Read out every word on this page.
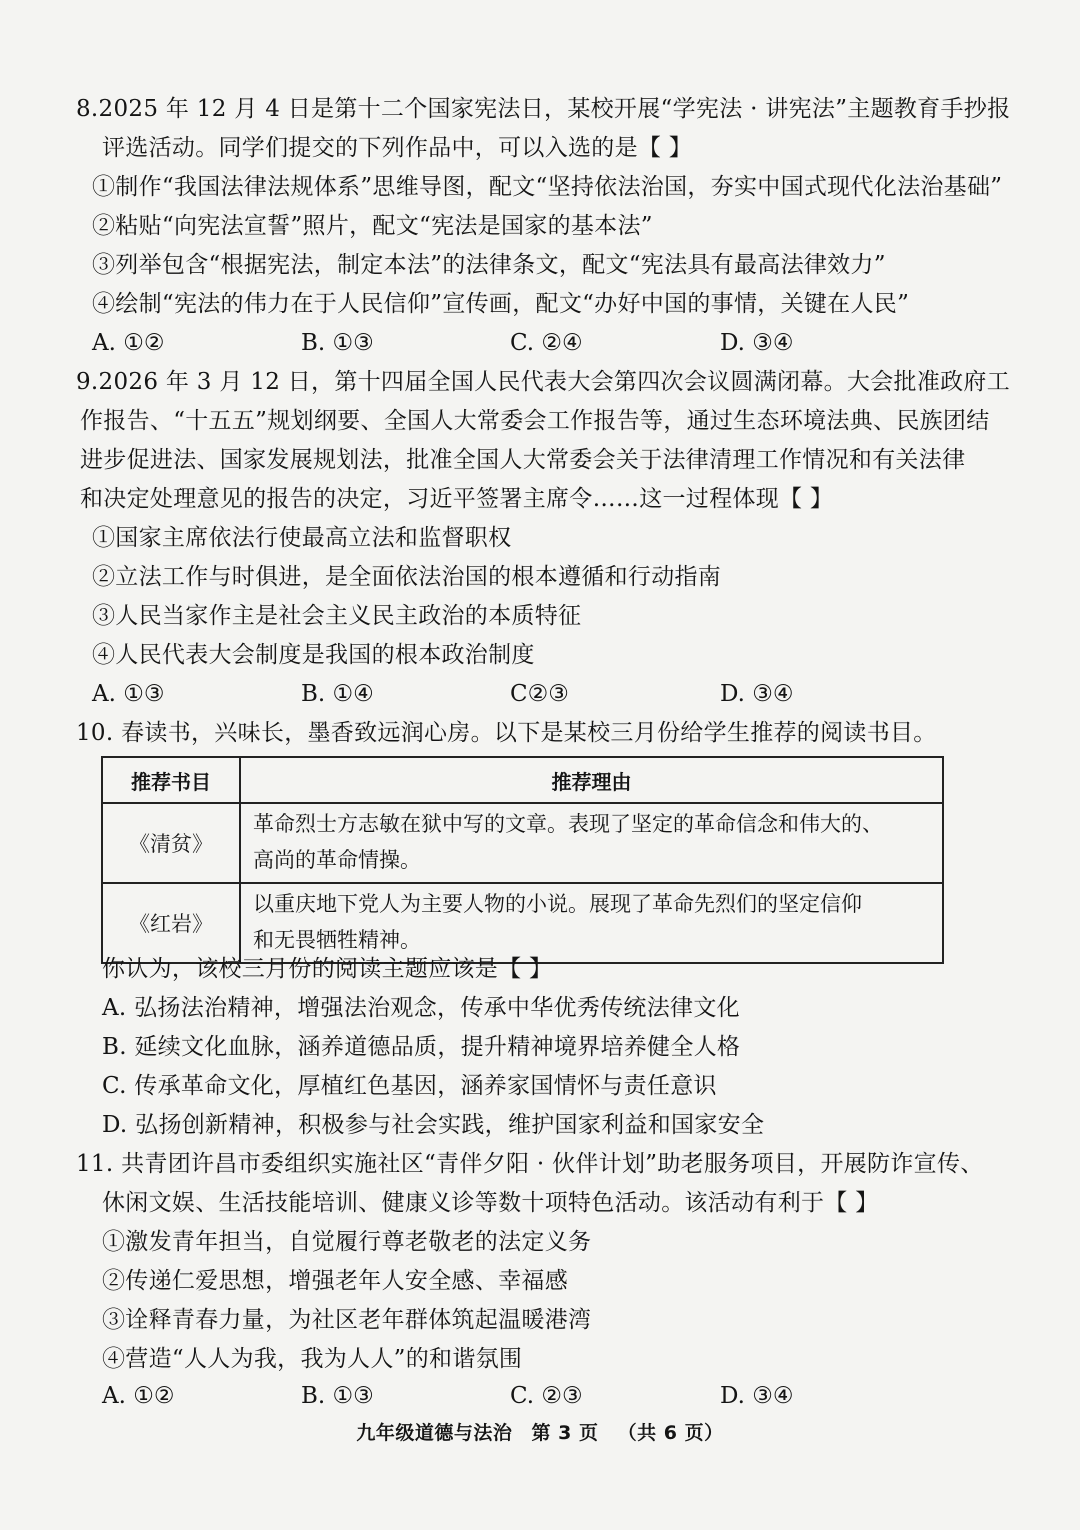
8.2025 年 12 月 4 日是第十二个国家宪法日，某校开展“学宪法 · 讲宪法”主题教育手抄报
评选活动。同学们提交的下列作品中，可以入选的是【 】
①制作“我国法律法规体系”思维导图，配文“坚持依法治国，夯实中国式现代化法治基础”
②粘贴“向宪法宣誓”照片，配文“宪法是国家的基本法”
③列举包含“根据宪法，制定本法”的法律条文，配文“宪法具有最高法律效力”
④绘制“宪法的伟力在于人民信仰”宣传画，配文“办好中国的事情，关键在人民”
A. ①②	B. ①③	C. ②④	D. ③④
9.2026 年 3 月 12 日，第十四届全国人民代表大会第四次会议圆满闭幕。大会批准政府工
作报告、“十五五”规划纲要、全国人大常委会工作报告等，通过生态环境法典、民族团结
进步促进法、国家发展规划法，批准全国人大常委会关于法律清理工作情况和有关法律
和决定处理意见的报告的决定，习近平签署主席令……这一过程体现【 】
①国家主席依法行使最高立法和监督职权
②立法工作与时俱进，是全面依法治国的根本遵循和行动指南
③人民当家作主是社会主义民主政治的本质特征
④人民代表大会制度是我国的根本政治制度
A. ①③	B. ①④	C②③	D. ③④
10. 春读书，兴味长，墨香致远润心房。以下是某校三月份给学生推荐的阅读书目。
推荐书目	推荐理由
《清贫》	革命烈士方志敏在狱中写的文章。表现了坚定的革命信念和伟大的、
高尚的革命情操。

《红岩》	以重庆地下党人为主要人物的小说。展现了革命先烈们的坚定信仰
和无畏牺牲精神。
你认为，该校三月份的阅读主题应该是【 】
A. 弘扬法治精神，增强法治观念，传承中华优秀传统法律文化
B. 延续文化血脉，涵养道德品质，提升精神境界培养健全人格
C. 传承革命文化，厚植红色基因，涵养家国情怀与责任意识
D. 弘扬创新精神，积极参与社会实践，维护国家利益和国家安全
11. 共青团许昌市委组织实施社区“青伴夕阳 · 伙伴计划”助老服务项目，开展防诈宣传、
休闲文娱、生活技能培训、健康义诊等数十项特色活动。该活动有利于【 】
①激发青年担当，自觉履行尊老敬老的法定义务
②传递仁爱思想，增强老年人安全感、幸福感
③诠释青春力量，为社区老年群体筑起温暖港湾
④营造“人人为我，我为人人”的和谐氛围
A. ①②	B. ①③	C. ②③	D. ③④
九年级道德与法治 第 3 页 （共 6 页）
